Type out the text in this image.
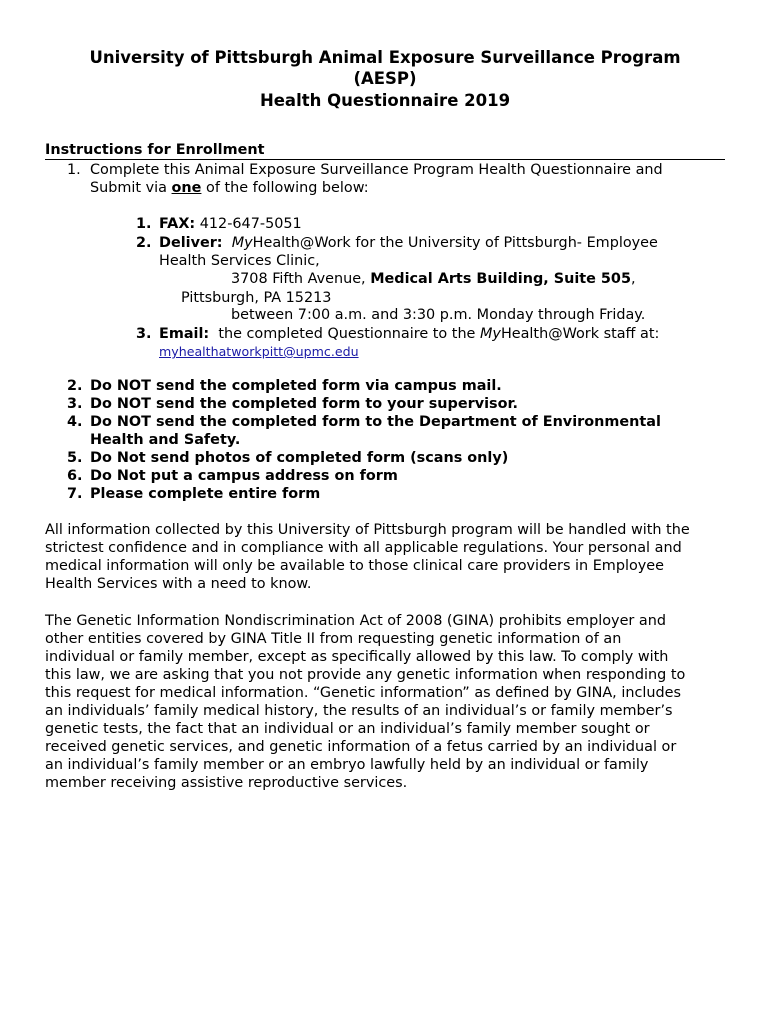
University of Pittsburgh Animal Exposure Surveillance Program
(AESP)
Health Questionnaire 2019
Instructions for Enrollment
1. Complete this Animal Exposure Surveillance Program Health Questionnaire and
Submit via one of the following below:
1. FAX: 412-647-5051
2. Deliver: MyHealth@Work for the University of Pittsburgh- Employee
Health Services Clinic,
3708 Fifth Avenue, Medical Arts Building, Suite 505,
Pittsburgh, PA 15213
between 7:00 a.m. and 3:30 p.m. Monday through Friday.
3. Email: the completed Questionnaire to the MyHealth@Work staff at:
myhealthatworkpitt@upmc.edu
2. Do NOT send the completed form via campus mail.
3. Do NOT send the completed form to your supervisor.
4. Do NOT send the completed form to the Department of Environmental
Health and Safety.
5. Do Not send photos of completed form (scans only)
6. Do Not put a campus address on form
7. Please complete entire form
All information collected by this University of Pittsburgh program will be handled with the
strictest confidence and in compliance with all applicable regulations. Your personal and
medical information will only be available to those clinical care providers in Employee
Health Services with a need to know.
The Genetic Information Nondiscrimination Act of 2008 (GINA) prohibits employer and
other entities covered by GINA Title II from requesting genetic information of an
individual or family member, except as specifically allowed by this law. To comply with
this law, we are asking that you not provide any genetic information when responding to
this request for medical information. “Genetic information” as defined by GINA, includes
an individuals’ family medical history, the results of an individual’s or family member’s
genetic tests, the fact that an individual or an individual’s family member sought or
received genetic services, and genetic information of a fetus carried by an individual or
an individual’s family member or an embryo lawfully held by an individual or family
member receiving assistive reproductive services.
